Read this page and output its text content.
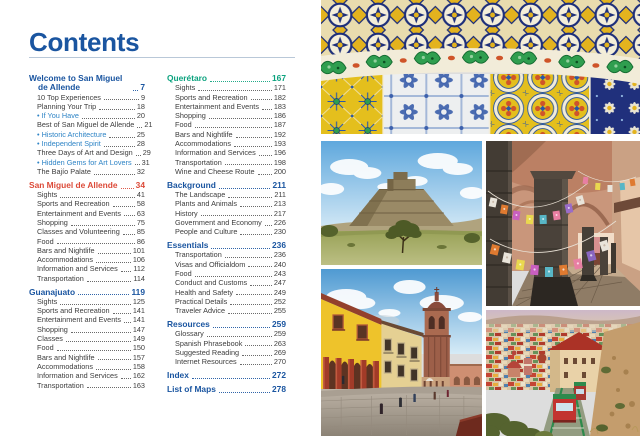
Contents
Welcome to San Miguel de Allende	7
10 Top Experiences	9
Planning Your Trip	18
• If You Have	20
Best of San Miguel de Allende 21
• Historic Architecture	25
• Independent Spirit	28
Three Days of Art and Design 29
• Hidden Gems for Art Lovers 31
The Bajío Palate	32
San Miguel de Allende 34
Sights	41
Sports and Recreation	58
Entertainment and Events 63
Shopping	75
Classes and Volunteering 85
Food	86
Bars and Nightlife	101
Accommodations	106
Information and Services 112
Transportation	114
Guanajuato	119
Sights	125
Sports and Recreation	141
Entertainment and Events 141
Shopping	147
Classes	149
Food	150
Bars and Nightlife	157
Accommodations	158
Information and Services 162
Transportation	163
Querétaro	167
Sights	171
Sports and Recreation	182
Entertainment and Events 183
Shopping	186
Food	187
Bars and Nightlife	192
Accommodations	193
Information and Services 196
Transportation	198
Wine and Cheese Route	200
Background	211
The Landscape	211
Plants and Animals	213
History	217
Government and Economy 226
People and Culture	230
Essentials	236
Transportation	236
Visas and Officialdom	240
Food	243
Conduct and Customs	247
Health and Safety	249
Practical Details	252
Traveler Advice	255
Resources	259
Glossary	259
Spanish Phrasebook	263
Suggested Reading	269
Internet Resources	270
Index	272
List of Maps	278
